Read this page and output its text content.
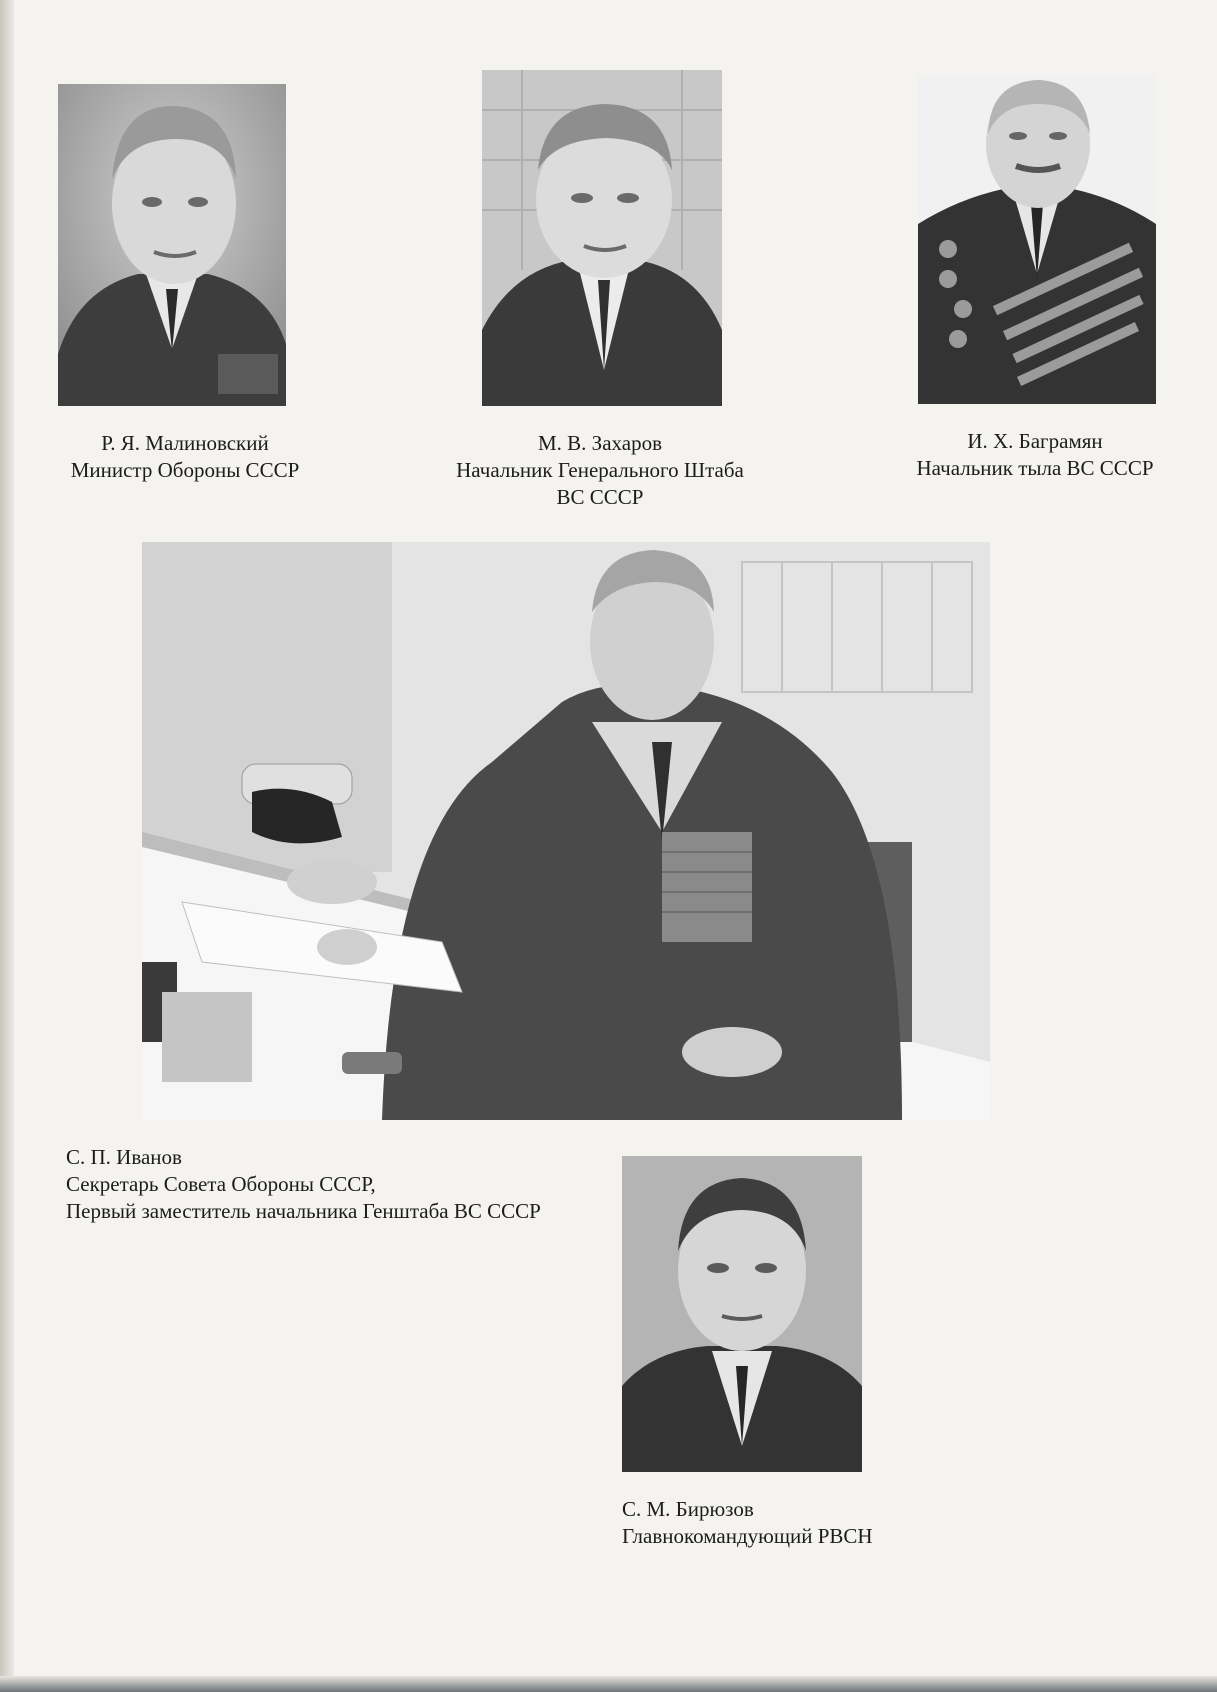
Р. Я. Малиновский
Министр Обороны СССР
М. В. Захаров
Начальник Генерального Штаба
ВС СССР
И. Х. Баграмян
Начальник тыла ВС СССР
С. П. Иванов
Секретарь Совета Обороны СССР,
Первый заместитель начальника Генштаба ВС СССР
С. М. Бирюзов
Главнокомандующий РВСН
